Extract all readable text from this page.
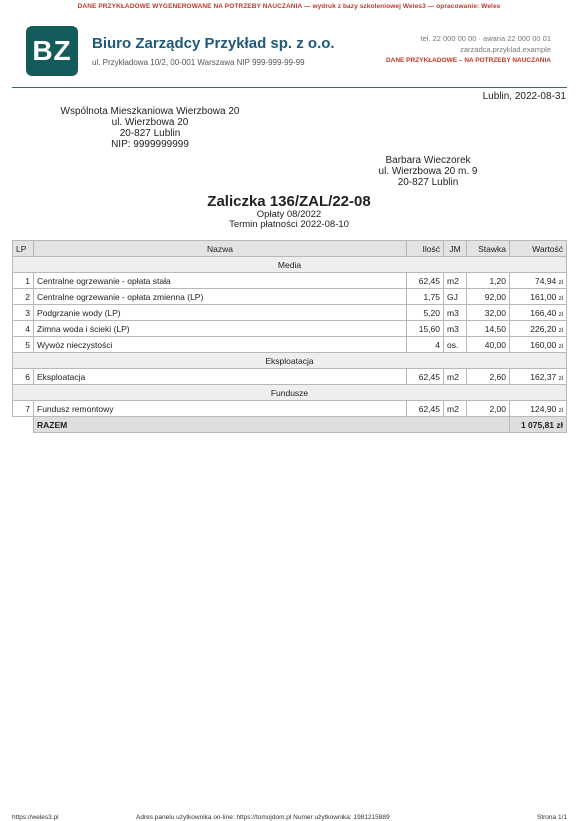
DANE PRZYKŁADOWE WYGENEROWANE NA POTRZEBY NAUCZANIA — wydruk z bazy szkoleniowej Weles3 — opracowanie: Weles
BZ	Biuro Zarządcy Przykład sp. z o.o.
ul. Przykładowa 10/2, 00-001 Warszawa NIP 999-999-99-99
tel. 22 000 00 00 · awaria 22 000 00 01
zarzadca.przyklad.example
DANE PRZYKŁADOWE – NA POTRZEBY NAUCZANIA
Lublin, 2022-08-31
Wspólnota Mieszkaniowa Wierzbowa 20
ul. Wierzbowa 20
20-827 Lublin
NIP: 9999999999
Barbara Wieczorek
ul. Wierzbowa 20 m. 9
20-827 Lublin
Zaliczka 136/ZAL/22-08
Opłaty 08/2022
Termin płatności 2022-08-10
LP	Nazwa	Ilość	JM	Stawka	Wartość
Media					
1	Centralne ogrzewanie - opłata stała	62,45	m2	1,20	74,94 zł
2	Centralne ogrzewanie - opłata zmienna (LP)	1,75	GJ	92,00	161,00 zł
3	Podgrzanie wody (LP)	5,20	m3	32,00	166,40 zł
4	Zimna woda i ścieki (LP)	15,60	m3	14,50	226,20 zł
5	Wywóz nieczystości	4	os.	40,00	160,00 zł
Eksploatacja					
6	Eksploatacja	62,45	m2	2,60	162,37 zł
Fundusze					
7	Fundusz remontowy	62,45	m2	2,00	124,90 zł
	RAZEM				1 075,81 zł
https://weles3.pl	Adres panelu użytkownika on-line: https://tomojdom.pl Numer użytkownika: 1981215889	Strona 1/1
